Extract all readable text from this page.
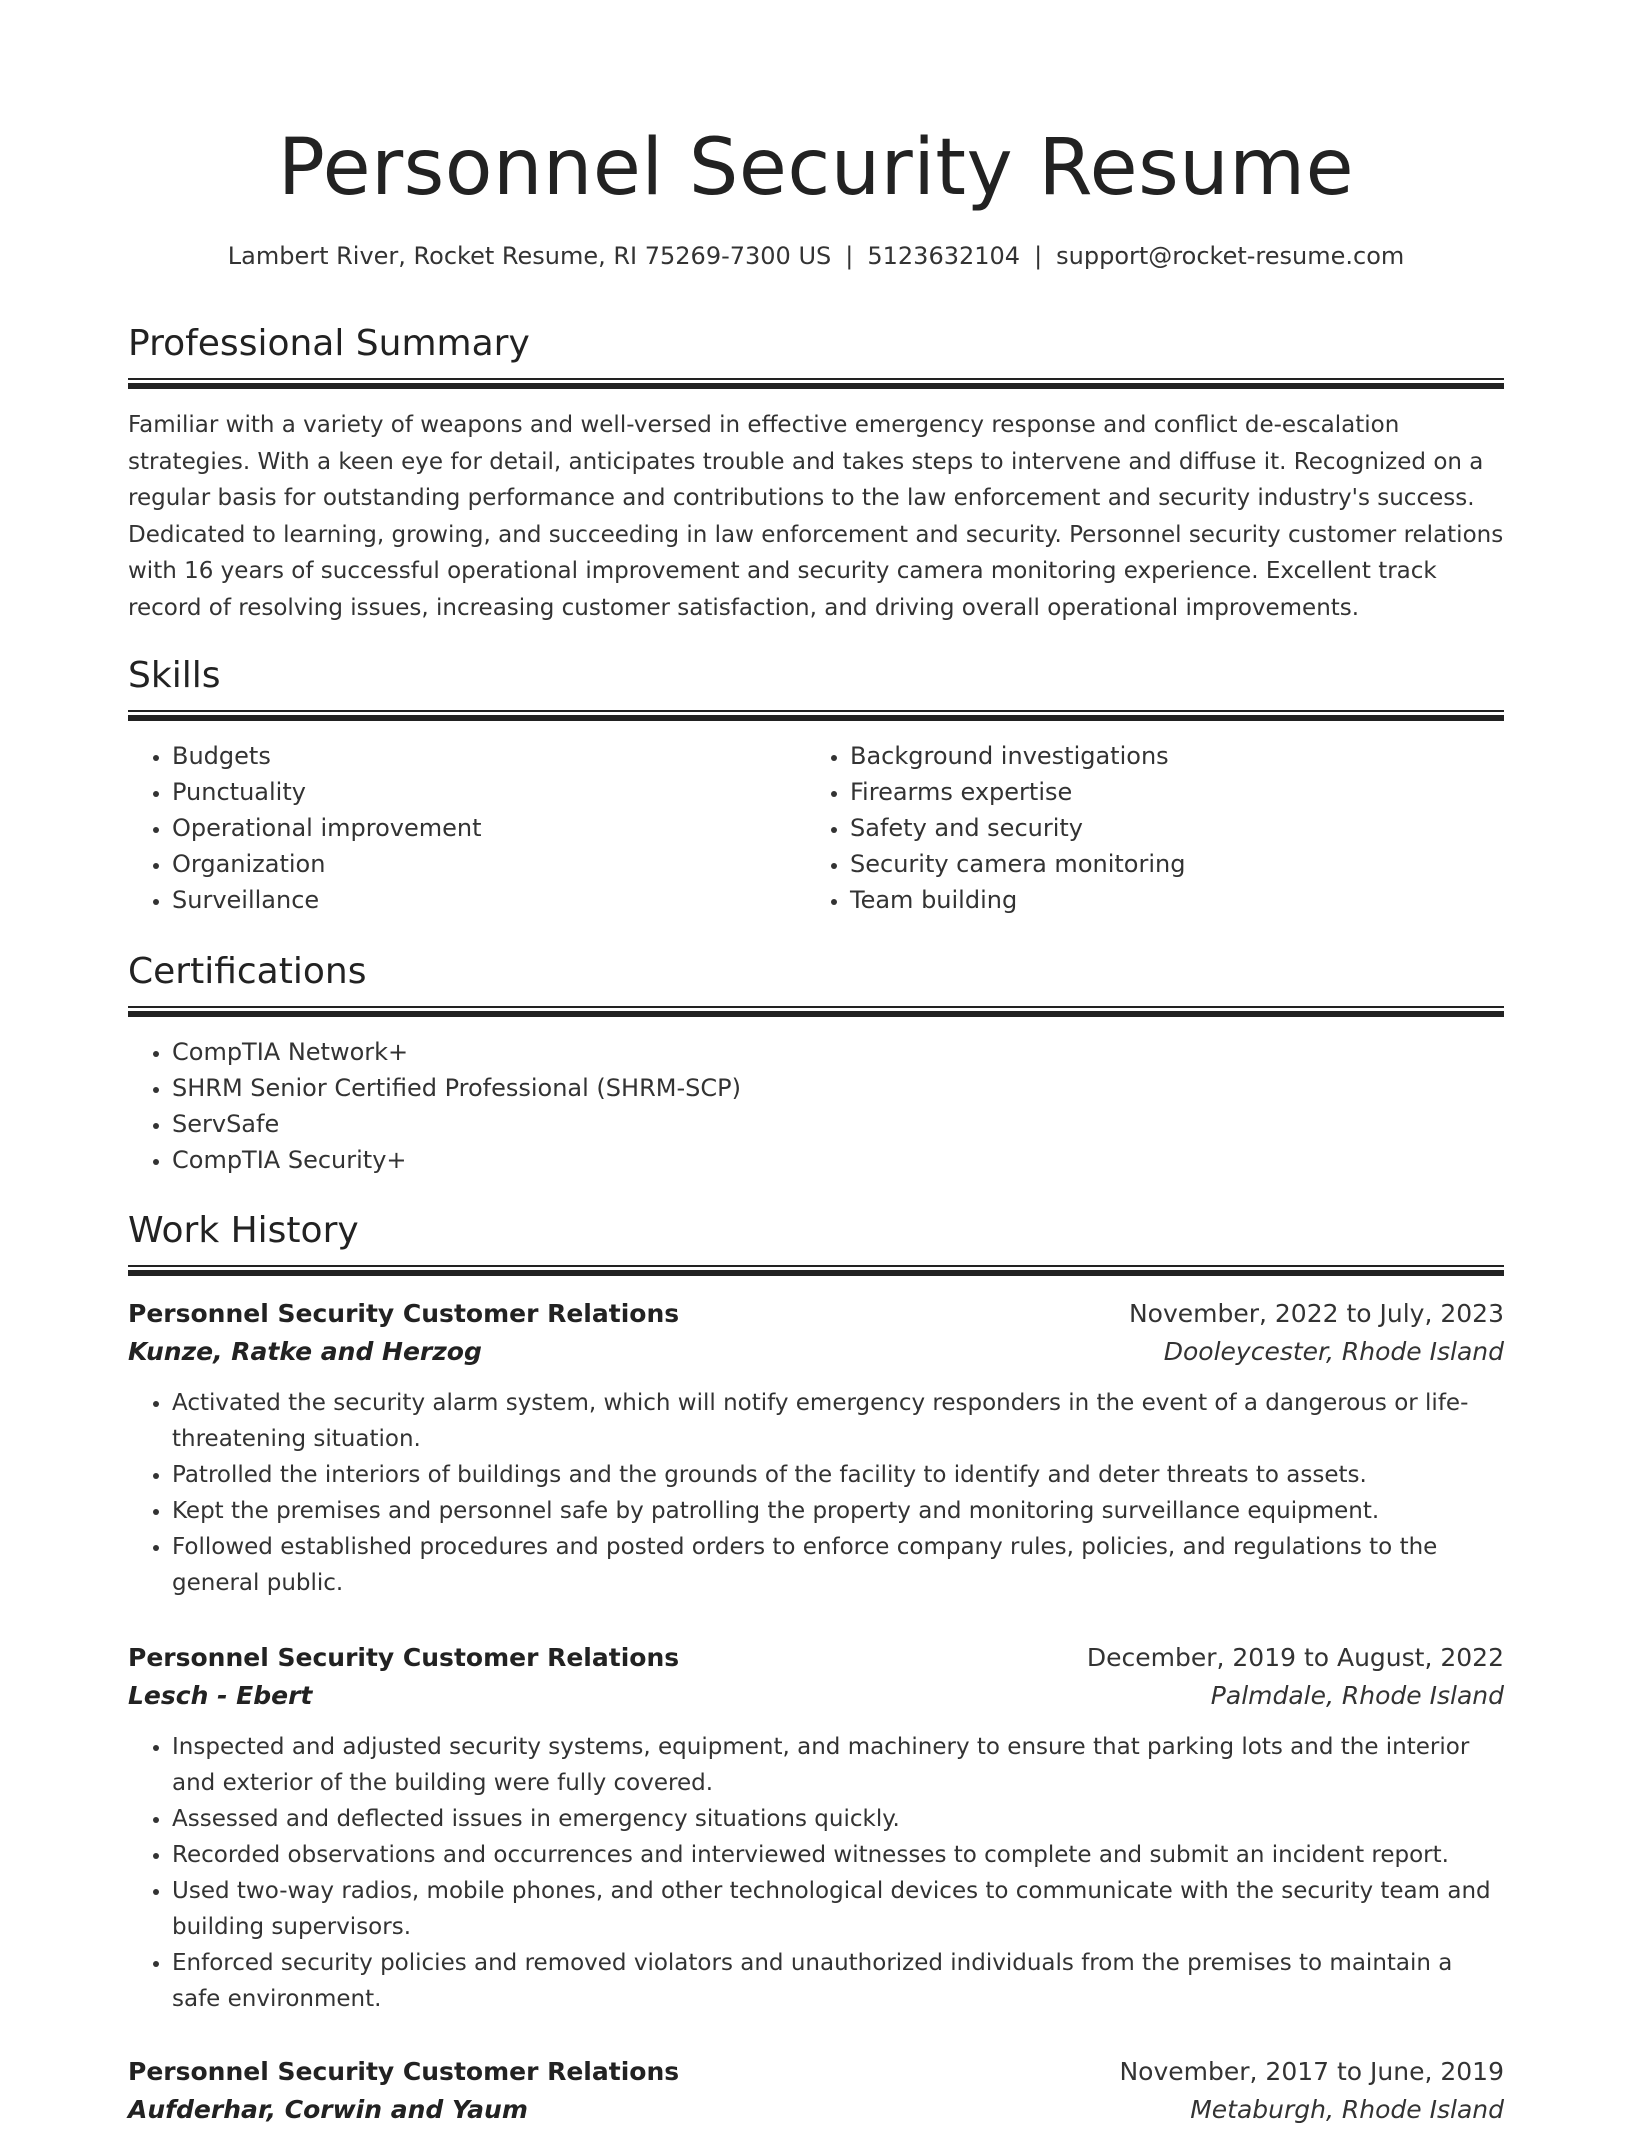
Personnel Security Resume
Lambert River, Rocket Resume, RI 75269-7300 US | 5123632104 | support@rocket-resume.com
Professional Summary

Familiar with a variety of weapons and well-versed in effective emergency response and conflict de-escalation strategies. With a keen eye for detail, anticipates trouble and takes steps to intervene and diffuse it. Recognized on a regular basis for outstanding performance and contributions to the law enforcement and security industry's success. Dedicated to learning, growing, and succeeding in law enforcement and security. Personnel security customer relations with 16 years of successful operational improvement and security camera monitoring experience. Excellent track record of resolving issues, increasing customer satisfaction, and driving overall operational improvements.

Skills
• Budgets
• Punctuality
• Operational improvement
• Organization
• Surveillance
• Background investigations
• Firearms expertise
• Safety and security
• Security camera monitoring
• Team building
Certifications
• CompTIA Network+
• SHRM Senior Certified Professional (SHRM-SCP)
• ServSafe
• CompTIA Security+
Work History
Personnel Security Customer Relations	November, 2022 to July, 2023
Kunze, Ratke and Herzog	Dooleycester, Rhode Island
• Activated the security alarm system, which will notify emergency responders in the event of a dangerous or life-threatening situation.
• Patrolled the interiors of buildings and the grounds of the facility to identify and deter threats to assets.
• Kept the premises and personnel safe by patrolling the property and monitoring surveillance equipment.
• Followed established procedures and posted orders to enforce company rules, policies, and regulations to the general public.
Personnel Security Customer Relations	December, 2019 to August, 2022
Lesch - Ebert	Palmdale, Rhode Island
• Inspected and adjusted security systems, equipment, and machinery to ensure that parking lots and the interior and exterior of the building were fully covered.
• Assessed and deflected issues in emergency situations quickly.
• Recorded observations and occurrences and interviewed witnesses to complete and submit an incident report.
• Used two-way radios, mobile phones, and other technological devices to communicate with the security team and building supervisors.
• Enforced security policies and removed violators and unauthorized individuals from the premises to maintain a safe environment.
Personnel Security Customer Relations	November, 2017 to June, 2019
Aufderhar, Corwin and Yaum	Metaburgh, Rhode Island
